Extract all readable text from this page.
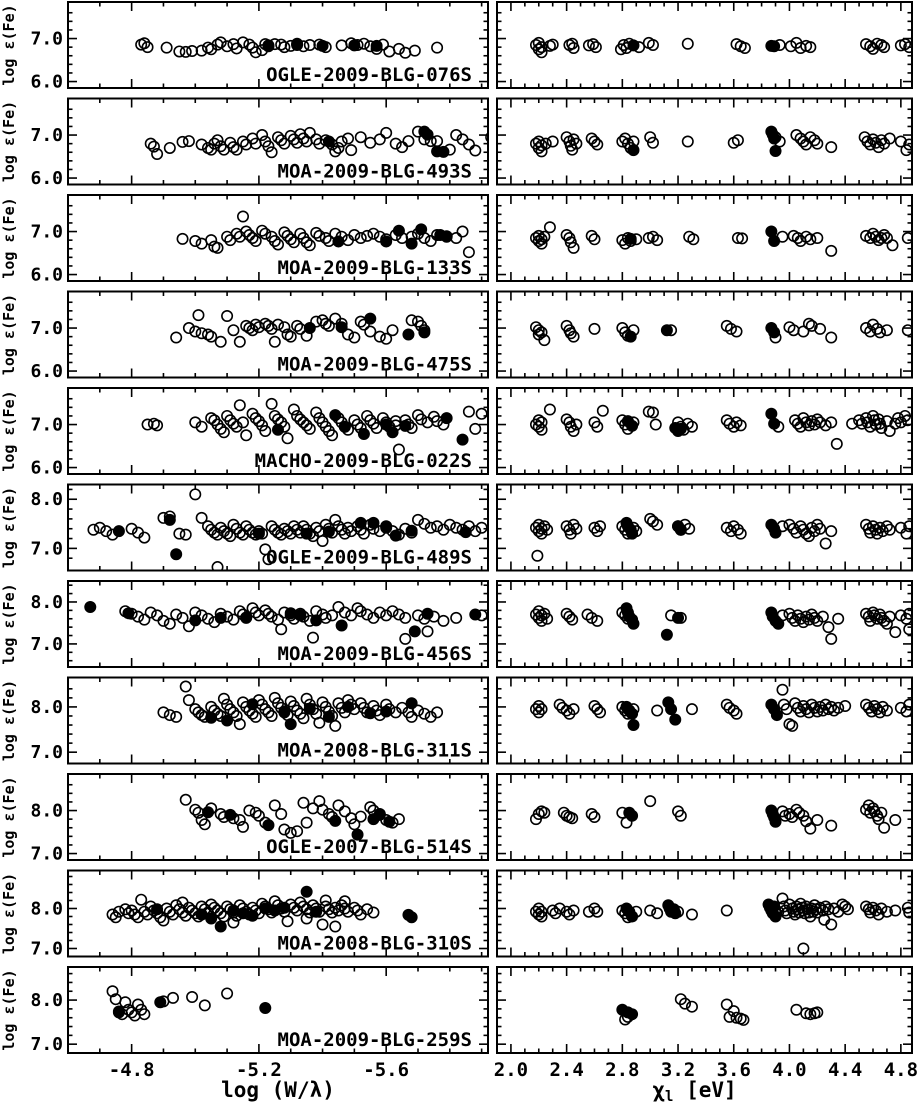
6.0
7.0
log ε(Fe)	OGLE-2009-BLG-076S
6.0
7.0
log ε(Fe)	MOA-2009-BLG-493S
6.0
7.0
log ε(Fe)	MOA-2009-BLG-133S
6.0
7.0
log ε(Fe)	MOA-2009-BLG-475S
6.0
7.0
log ε(Fe)	MACHO-2009-BLG-022S
7.0
8.0
log ε(Fe)	OGLE-2009-BLG-489S
7.0
8.0
log ε(Fe)	MOA-2009-BLG-456S
7.0
8.0
log ε(Fe)	MOA-2008-BLG-311S
7.0
8.0
log ε(Fe)	OGLE-2007-BLG-514S
7.0
8.0
log ε(Fe)	MOA-2008-BLG-310S
-4.8	-5.2	-5.6	2.0 2.4 2.8 3.2 3.6 4.0 4.4 4.8
7.0
8.0
log ε(Fe)	MOA-2009-BLG-259S
log (W/λ)	χl [eV]
